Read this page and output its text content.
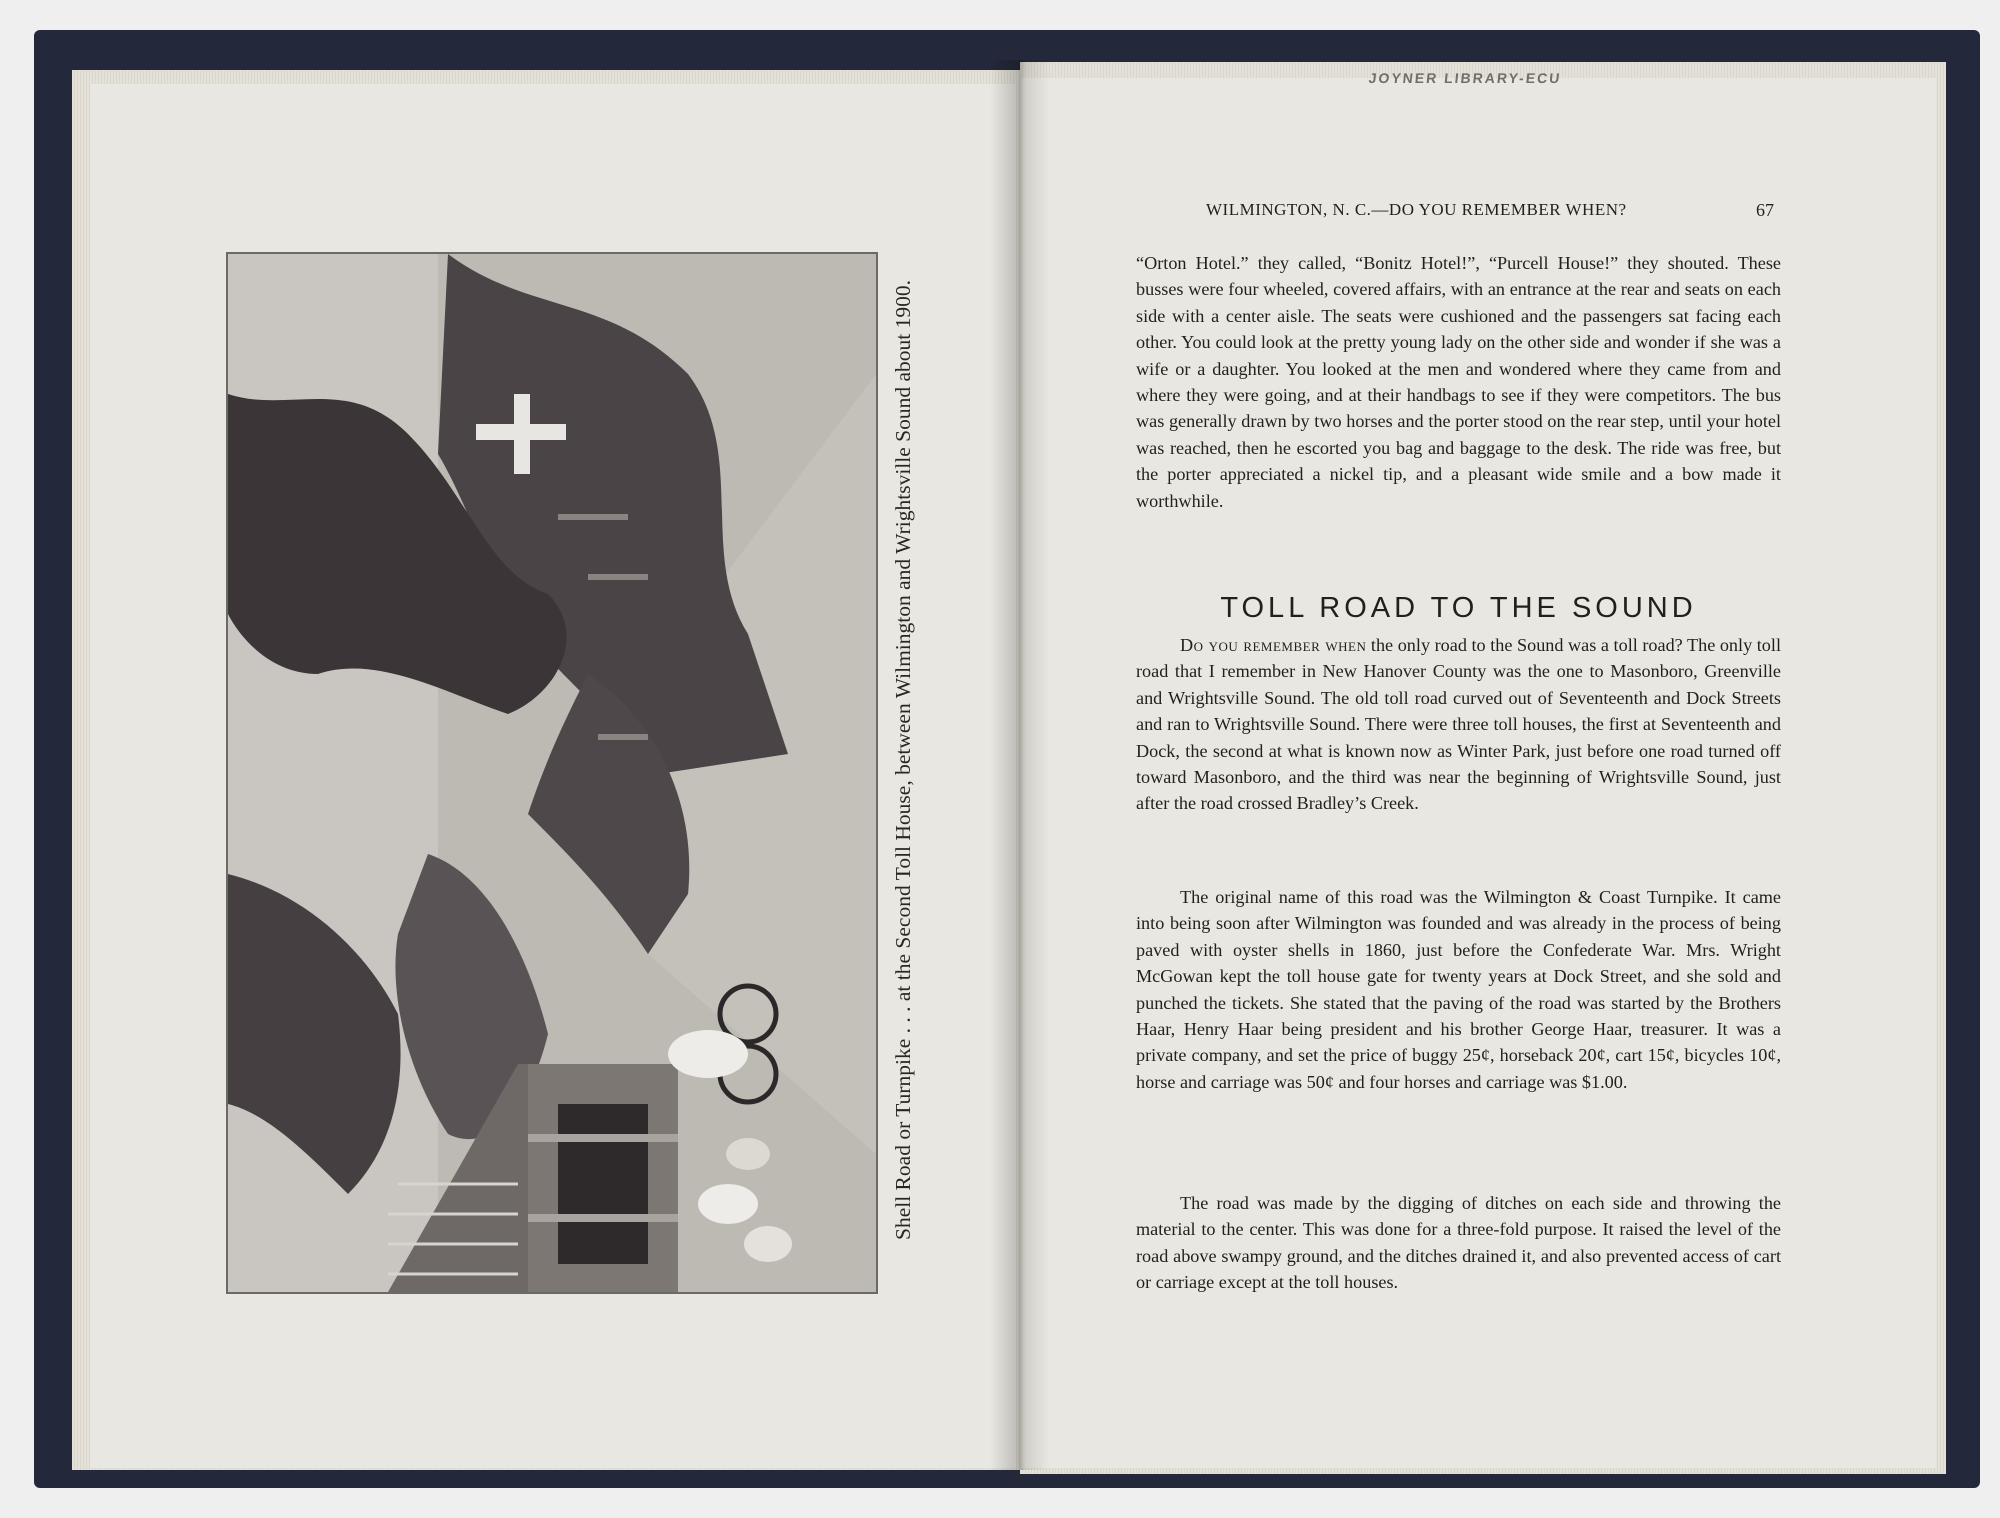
JOYNER LIBRARY-ECU
Shell Road or Turnpike . . . at the Second Toll House, between Wilmington and Wrightsville Sound about 1900.
WILMINGTON, N. C.—DO YOU REMEMBER WHEN?	67

“Orton Hotel.” they called, “Bonitz Hotel!”, “Purcell House!” they shouted. These busses were four wheeled, covered affairs, with an entrance at the rear and seats on each side with a center aisle. The seats were cushioned and the passengers sat facing each other. You could look at the pretty young lady on the other side and wonder if she was a wife or a daughter. You looked at the men and wondered where they came from and where they were going, and at their handbags to see if they were competitors. The bus was generally drawn by two horses and the porter stood on the rear step, until your hotel was reached, then he escorted you bag and baggage to the desk. The ride was free, but the porter appreciated a nickel tip, and a pleasant wide smile and a bow made it worthwhile.

TOLL ROAD TO THE SOUND

Do you remember when the only road to the Sound was a toll road? The only toll road that I remember in New Hanover County was the one to Masonboro, Greenville and Wrightsville Sound. The old toll road curved out of Seventeenth and Dock Streets and ran to Wrightsville Sound. There were three toll houses, the first at Seventeenth and Dock, the second at what is known now as Winter Park, just before one road turned off toward Masonboro, and the third was near the beginning of Wrightsville Sound, just after the road crossed Bradley’s Creek.

The original name of this road was the Wilmington & Coast Turnpike. It came into being soon after Wilmington was founded and was already in the process of being paved with oyster shells in 1860, just before the Confederate War. Mrs. Wright McGowan kept the toll house gate for twenty years at Dock Street, and she sold and punched the tickets. She stated that the paving of the road was started by the Brothers Haar, Henry Haar being president and his brother George Haar, treasurer. It was a private company, and set the price of buggy 25¢, horseback 20¢, cart 15¢, bicycles 10¢, horse and carriage was 50¢ and four horses and carriage was $1.00.

The road was made by the digging of ditches on each side and throwing the material to the center. This was done for a three-fold purpose. It raised the level of the road above swampy ground, and the ditches drained it, and also prevented access of cart or carriage except at the toll houses.
